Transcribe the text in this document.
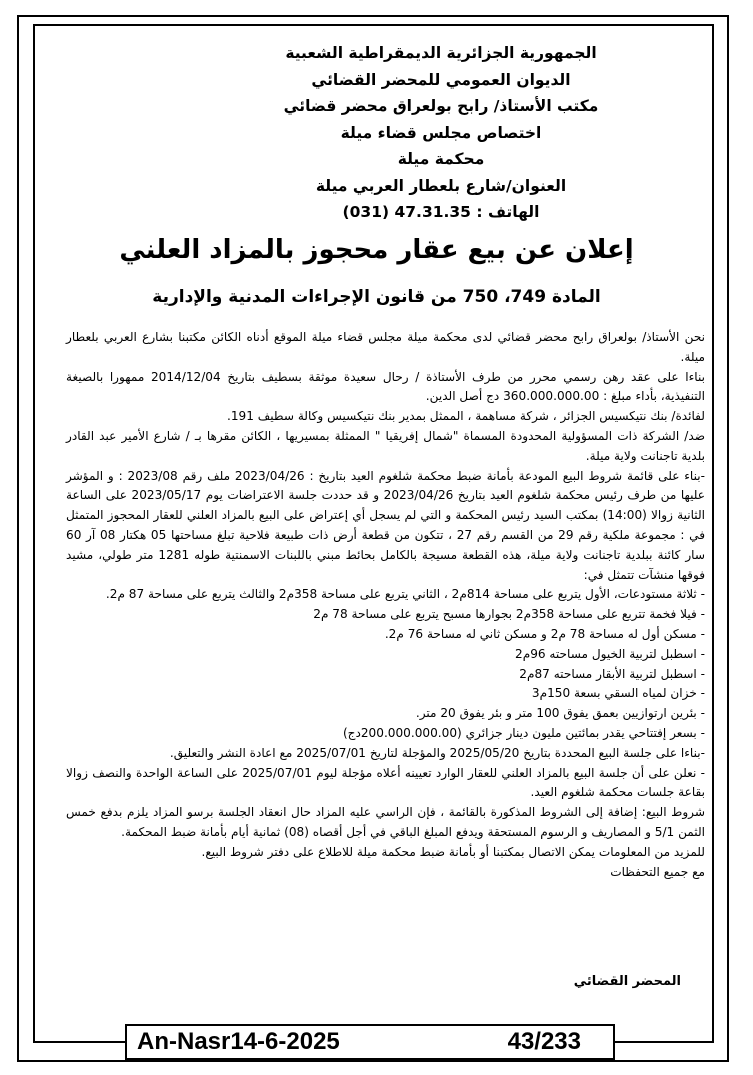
الجمهورية الجزائرية الديمقراطية الشعبية
الديوان العمومي للمحضر القضائي
مكتب الأستاذ/ رابح بولعراق محضر قضائي
اختصاص مجلس قضاء ميلة
محكمة ميلة
العنوان/شارع بلعطار العربي ميلة
الهاتف : 47.31.35 (031)
إعلان عن بيع عقار محجوز بالمزاد العلني
المادة 749، 750 من قانون الإجراءات المدنية والإدارية

نحن الأستاذ/ بولعراق رابح محضر قضائي لدى محكمة ميلة مجلس قضاء ميلة الموقع أدناه الكائن مكتبنا بشارع العربي بلعطار ميلة.

بناءا على عقد رهن رسمي محرر من طرف الأستاذة / رحال سعيدة موثقة بسطيف بتاريخ 2014/12/04 ممهورا بالصيغة التنفيذية، بأداء مبلغ : 360.000.000.00 دج أصل الدين.

لفائدة/ بنك نتيكسيس الجزائر ، شركة مساهمة ، الممثل بمدير بنك نتيكسيس وكالة سطيف 191.

ضد/ الشركة ذات المسؤولية المحدودة المسماة "شمال إفريقيا " الممثلة بمسيريها ، الكائن مقرها بـ / شارع الأمير عبد القادر بلدية تاجنانت ولاية ميلة.

-بناء على قائمة شروط البيع المودعة بأمانة ضبط محكمة شلغوم العيد بتاريخ : 2023/04/26 ملف رقم 2023/08 : و المؤشر عليها من طرف رئيس محكمة شلغوم العيد بتاريخ 2023/04/26 و قد حددت جلسة الاعتراضات يوم 2023/05/17 على الساعة الثانية زوالا (14:00) بمكتب السيد رئيس المحكمة و التي لم يسجل أي إعتراض على البيع بالمزاد العلني للعقار المحجوز المتمثل في : مجموعة ملكية رقم 29 من القسم رقم 27 ، تتكون من قطعة أرض ذات طبيعة فلاحية تبلغ مساحتها 05 هكتار 08 آر 60 سار كائنة ببلدية تاجنانت ولاية ميلة، هذه القطعة مسيجة بالكامل بحائط مبني باللبنات الاسمنتية طوله 1281 متر طولي، مشيد فوقها منشآت تتمثل في:

- ثلاثة مستودعات، الأول يتربع على مساحة 814م2 ، الثاني يتربع على مساحة 358م2 والثالث يتربع على مساحة 87 م2.

- فيلا فخمة تتربع على مساحة 358م2 بجوارها مسبح يتربع على مساحة 78 م2

- مسكن أول له مساحة 78 م2 و مسكن ثاني له مساحة 76 م2.

- اسطبل لتربية الخيول مساحته 96م2

- اسطبل لتربية الأبقار مساحته 87م2

- خزان لمياه السقي بسعة 150م3

- بئرين ارتوازيين بعمق يفوق 100 متر و بئر يفوق 20 متر.

- بسعر إفتتاحي يقدر بمائتين مليون دينار جزائري (200.000.000.00دج)

-بناءا على جلسة البيع المحددة بتاريخ 2025/05/20 والمؤجلة لتاريخ 2025/07/01 مع اعادة النشر والتعليق.

- نعلن على أن جلسة البيع بالمزاد العلني للعقار الوارد تعيينه أعلاه مؤجلة ليوم 2025/07/01 على الساعة الواحدة والنصف زوالا بقاعة جلسات محكمة شلغوم العيد.

شروط البيع: إضافة إلى الشروط المذكورة بالقائمة ، فإن الراسي عليه المزاد حال انعقاد الجلسة برسو المزاد يلزم بدفع خمس الثمن 5/1 و المصاريف و الرسوم المستحقة ويدفع المبلغ الباقي في أجل أقصاه (08) ثمانية أيام بأمانة ضبط المحكمة.

للمزيد من المعلومات يمكن الاتصال بمكتبنا أو بأمانة ضبط محكمة ميلة للاطلاع على دفتر شروط البيع.

مع جميع التحفظات

المحضر القضائي
An-Nasr14-6-2025	43/233
